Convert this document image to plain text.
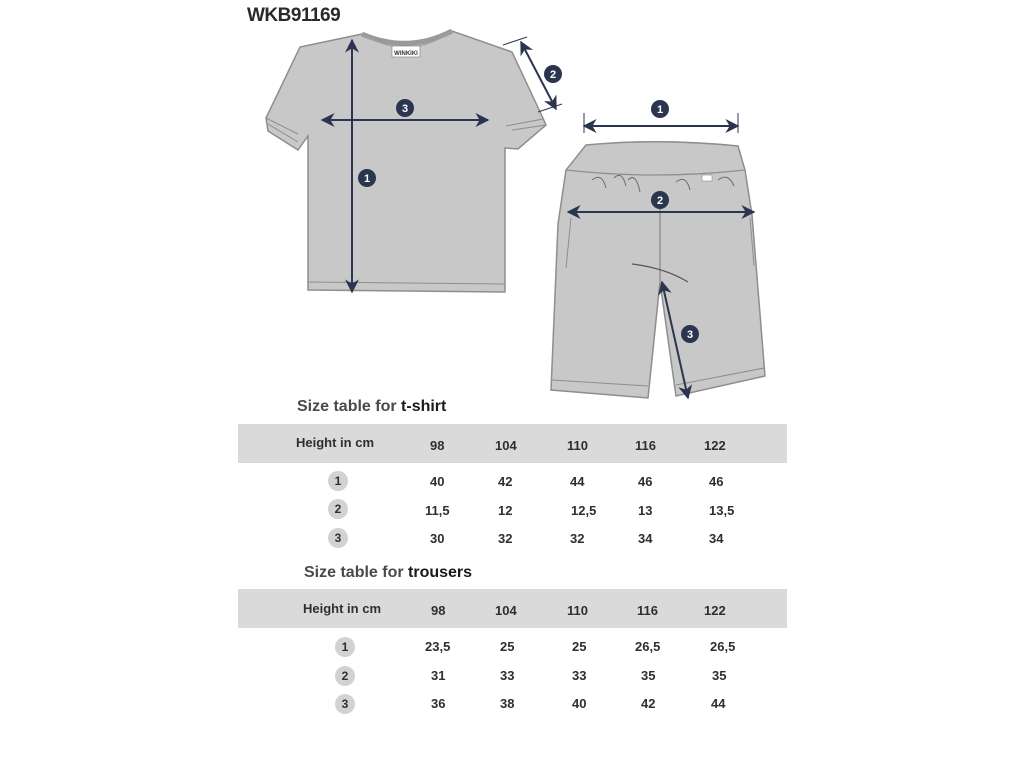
WKB91169
WINKIKI
1
2
3	1
2
3
Size table for t-shirt
Height in cm	98	104	110	116	122
1	40	42	44	46	46
2	11,5	12	12,5	13	13,5
3	30	32	32	34	34
Size table for trousers
Height in cm	98	104	110	116	122
1	23,5	25	25	26,5	26,5
2	31	33	33	35	35
3	36	38	40	42	44
